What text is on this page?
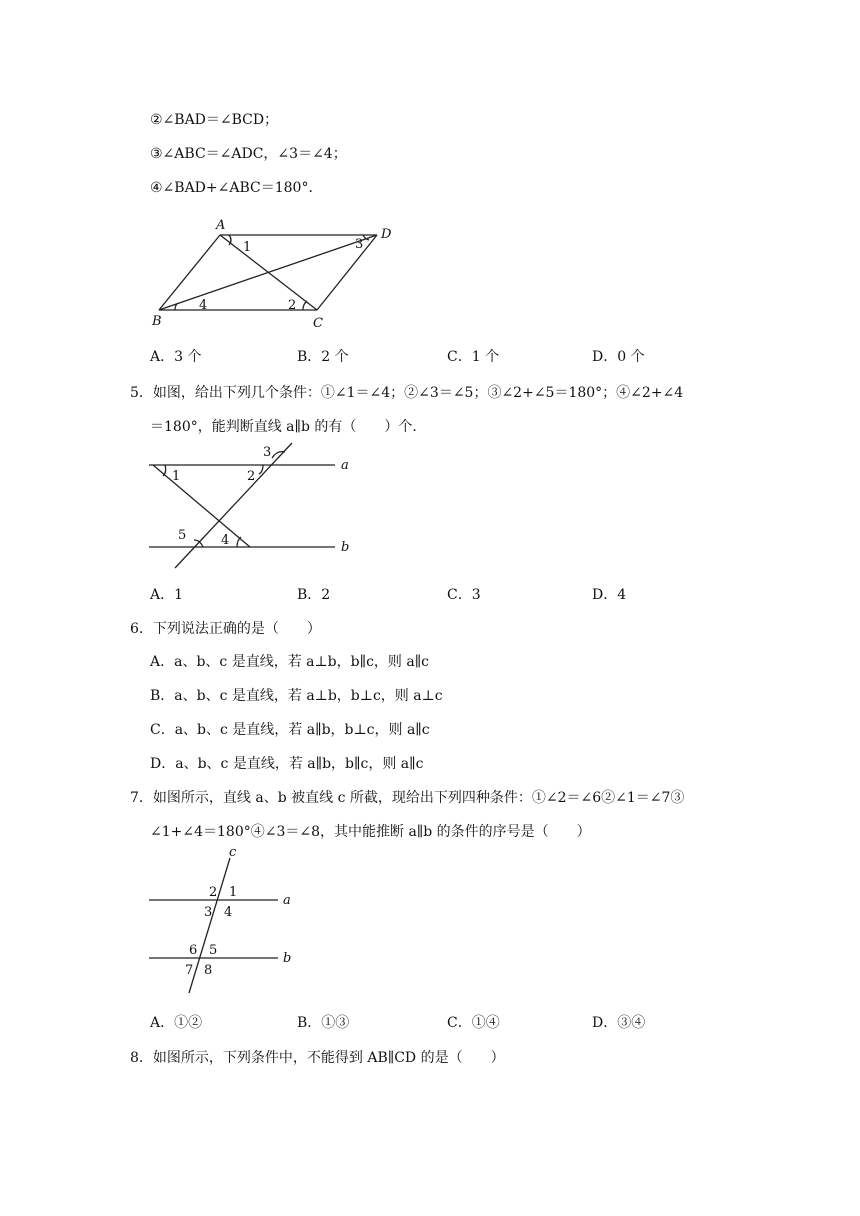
②∠BAD＝∠BCD；
③∠ABC＝∠ADC，∠3＝∠4；
④∠BAD+∠ABC＝180°．
A
D
B	C
1	3
4	2
A．3 个	B．2 个	C．1 个	D．0 个
5．如图，给出下列几个条件：①∠1＝∠4；②∠3＝∠5；③∠2+∠5＝180°；④∠2+∠4
＝180°，能判断直线 a∥b 的有（　　）个．
a
b
3
1	2
5	4
A．1	B．2	C．3	D．4
6．下列说法正确的是（　　）
A．a、b、c 是直线，若 a⊥b，b∥c，则 a∥c
B．a、b、c 是直线，若 a⊥b，b⊥c，则 a⊥c
C．a、b、c 是直线，若 a∥b，b⊥c，则 a∥c
D．a、b、c 是直线，若 a∥b，b∥c，则 a∥c
7．如图所示，直线 a、b 被直线 c 所截，现给出下列四种条件：①∠2＝∠6②∠1＝∠7③
∠1+∠4＝180°④∠3＝∠8，其中能推断 a∥b 的条件的序号是（　　）
c
a
b
2 1
3 4
6 5
7 8
A．①②	B．①③	C．①④	D．③④
8．如图所示，下列条件中，不能得到 AB∥CD 的是（　　）
